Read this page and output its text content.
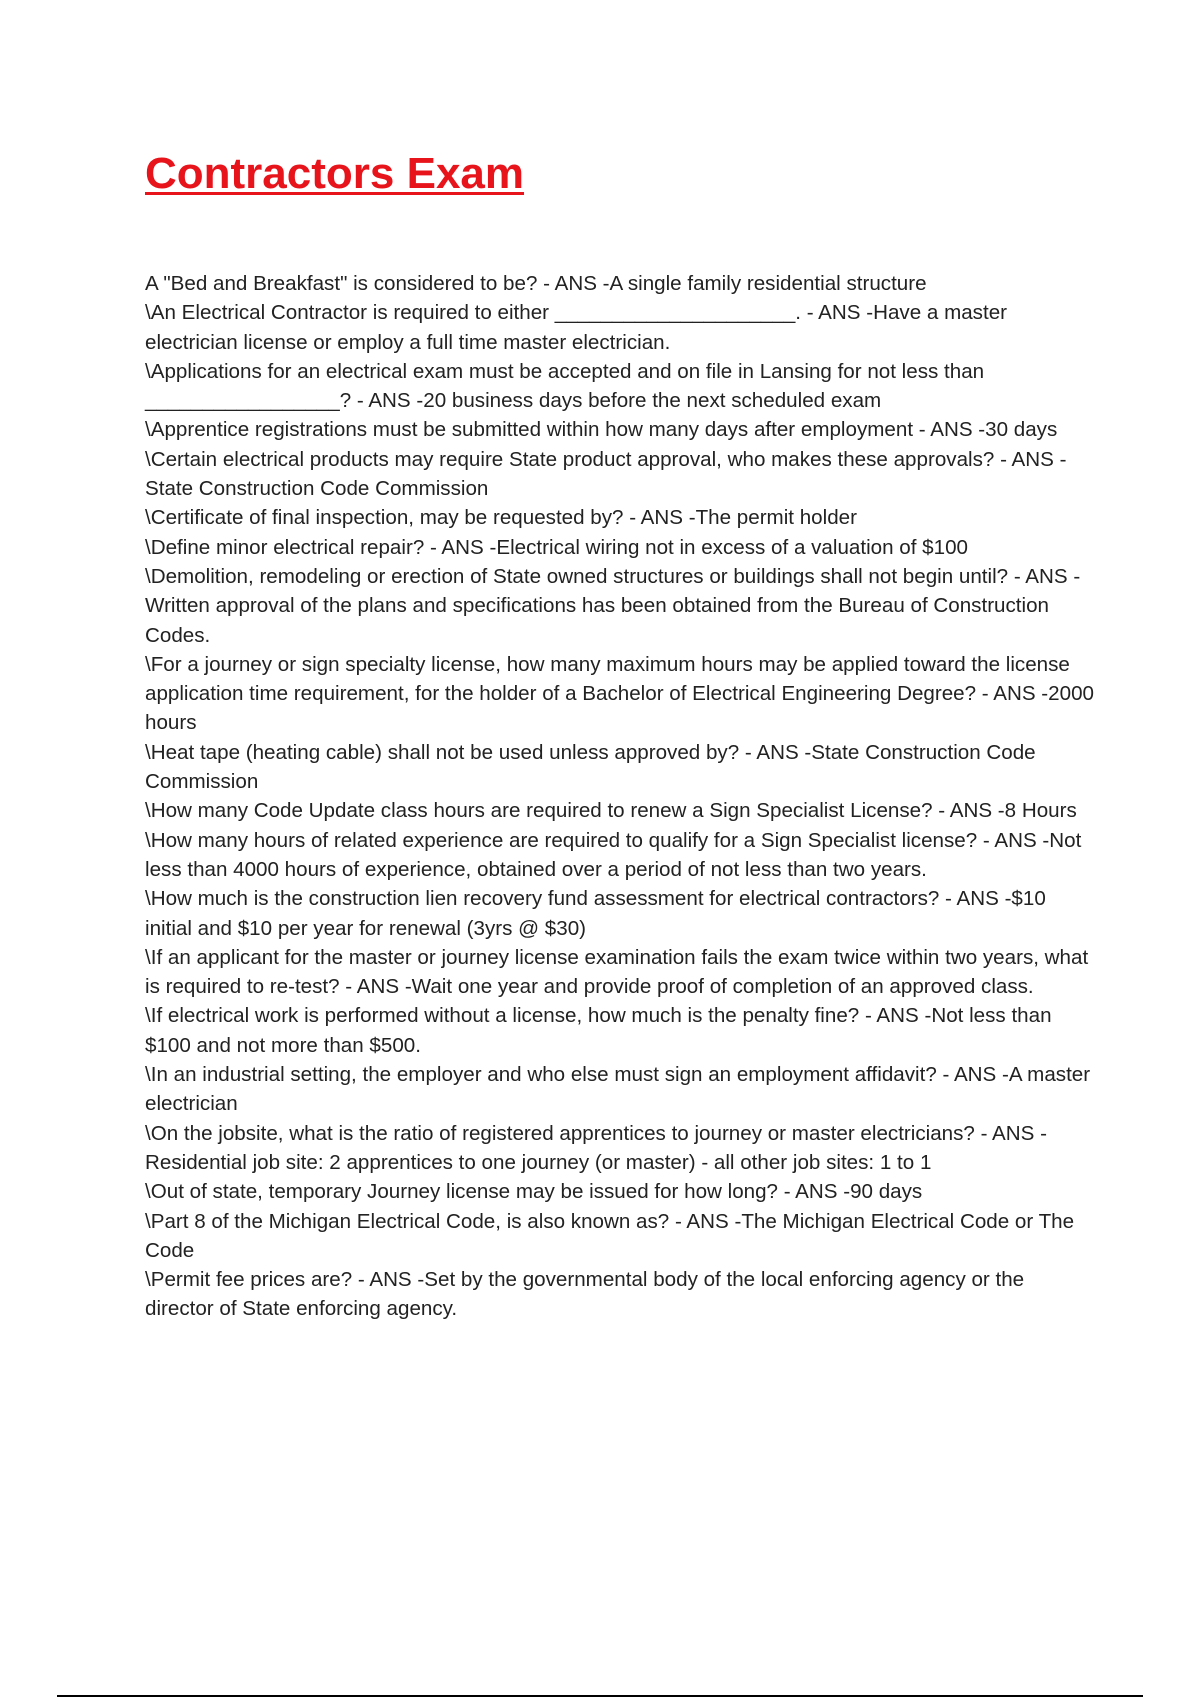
Contractors Exam

A "Bed and Breakfast" is considered to be? - ANS -A single family residential structure

\An Electrical Contractor is required to either _____________________. - ANS -Have a master electrician license or employ a full time master electrician.

\Applications for an electrical exam must be accepted and on file in Lansing for not less than _________________? - ANS -20 business days before the next scheduled exam

\Apprentice registrations must be submitted within how many days after employment - ANS -30 days

\Certain electrical products may require State product approval, who makes these approvals? - ANS -State Construction Code Commission

\Certificate of final inspection, may be requested by? - ANS -The permit holder

\Define minor electrical repair? - ANS -Electrical wiring not in excess of a valuation of $100

\Demolition, remodeling or erection of State owned structures or buildings shall not begin until? - ANS -Written approval of the plans and specifications has been obtained from the Bureau of Construction Codes.

\For a journey or sign specialty license, how many maximum hours may be applied toward the license application time requirement, for the holder of a Bachelor of Electrical Engineering Degree? - ANS -2000 hours

\Heat tape (heating cable) shall not be used unless approved by? - ANS -State Construction Code Commission

\How many Code Update class hours are required to renew a Sign Specialist License? - ANS -8 Hours

\How many hours of related experience are required to qualify for a Sign Specialist license? - ANS -Not less than 4000 hours of experience, obtained over a period of not less than two years.

\How much is the construction lien recovery fund assessment for electrical contractors? - ANS -$10 initial and $10 per year for renewal (3yrs @ $30)

\If an applicant for the master or journey license examination fails the exam twice within two years, what is required to re-test? - ANS -Wait one year and provide proof of completion of an approved class.

\If electrical work is performed without a license, how much is the penalty fine? - ANS -Not less than $100 and not more than $500.

\In an industrial setting, the employer and who else must sign an employment affidavit? - ANS -A master electrician

\On the jobsite, what is the ratio of registered apprentices to journey or master electricians? - ANS -Residential job site: 2 apprentices to one journey (or master) - all other job sites: 1 to 1

\Out of state, temporary Journey license may be issued for how long? - ANS -90 days

\Part 8 of the Michigan Electrical Code, is also known as? - ANS -The Michigan Electrical Code or The Code

\Permit fee prices are? - ANS -Set by the governmental body of the local enforcing agency or the director of State enforcing agency.
